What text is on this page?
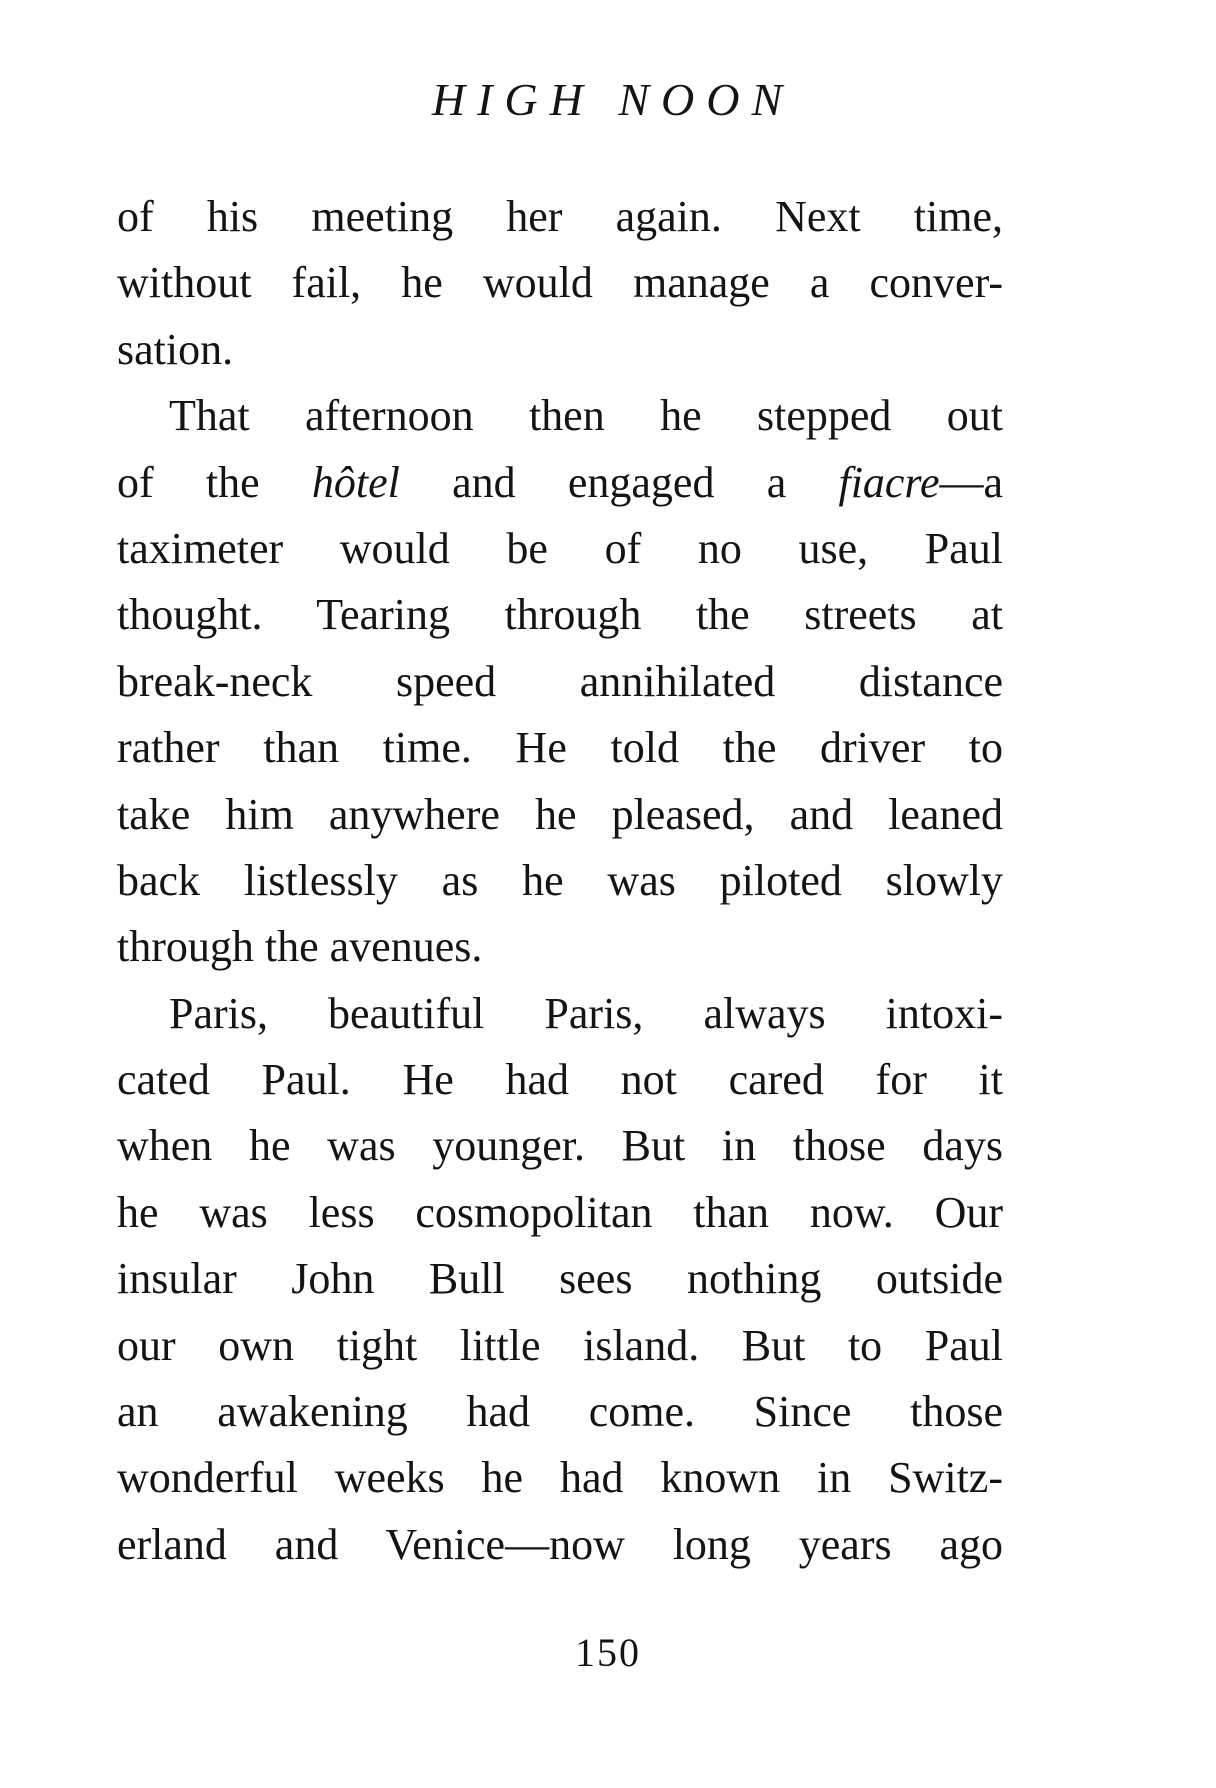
HIGH NOON
of his meeting her again. Next time,
without fail, he would manage a conver-
sation.
That afternoon then he stepped out
of the hôtel and engaged a fiacre—a
taximeter would be of no use, Paul
thought. Tearing through the streets at
break-neck speed annihilated distance
rather than time. He told the driver to
take him anywhere he pleased, and leaned
back listlessly as he was piloted slowly
through the avenues.
Paris, beautiful Paris, always intoxi-
cated Paul. He had not cared for it
when he was younger. But in those days
he was less cosmopolitan than now. Our
insular John Bull sees nothing outside
our own tight little island. But to Paul
an awakening had come. Since those
wonderful weeks he had known in Switz-
erland and Venice—now long years ago
150
